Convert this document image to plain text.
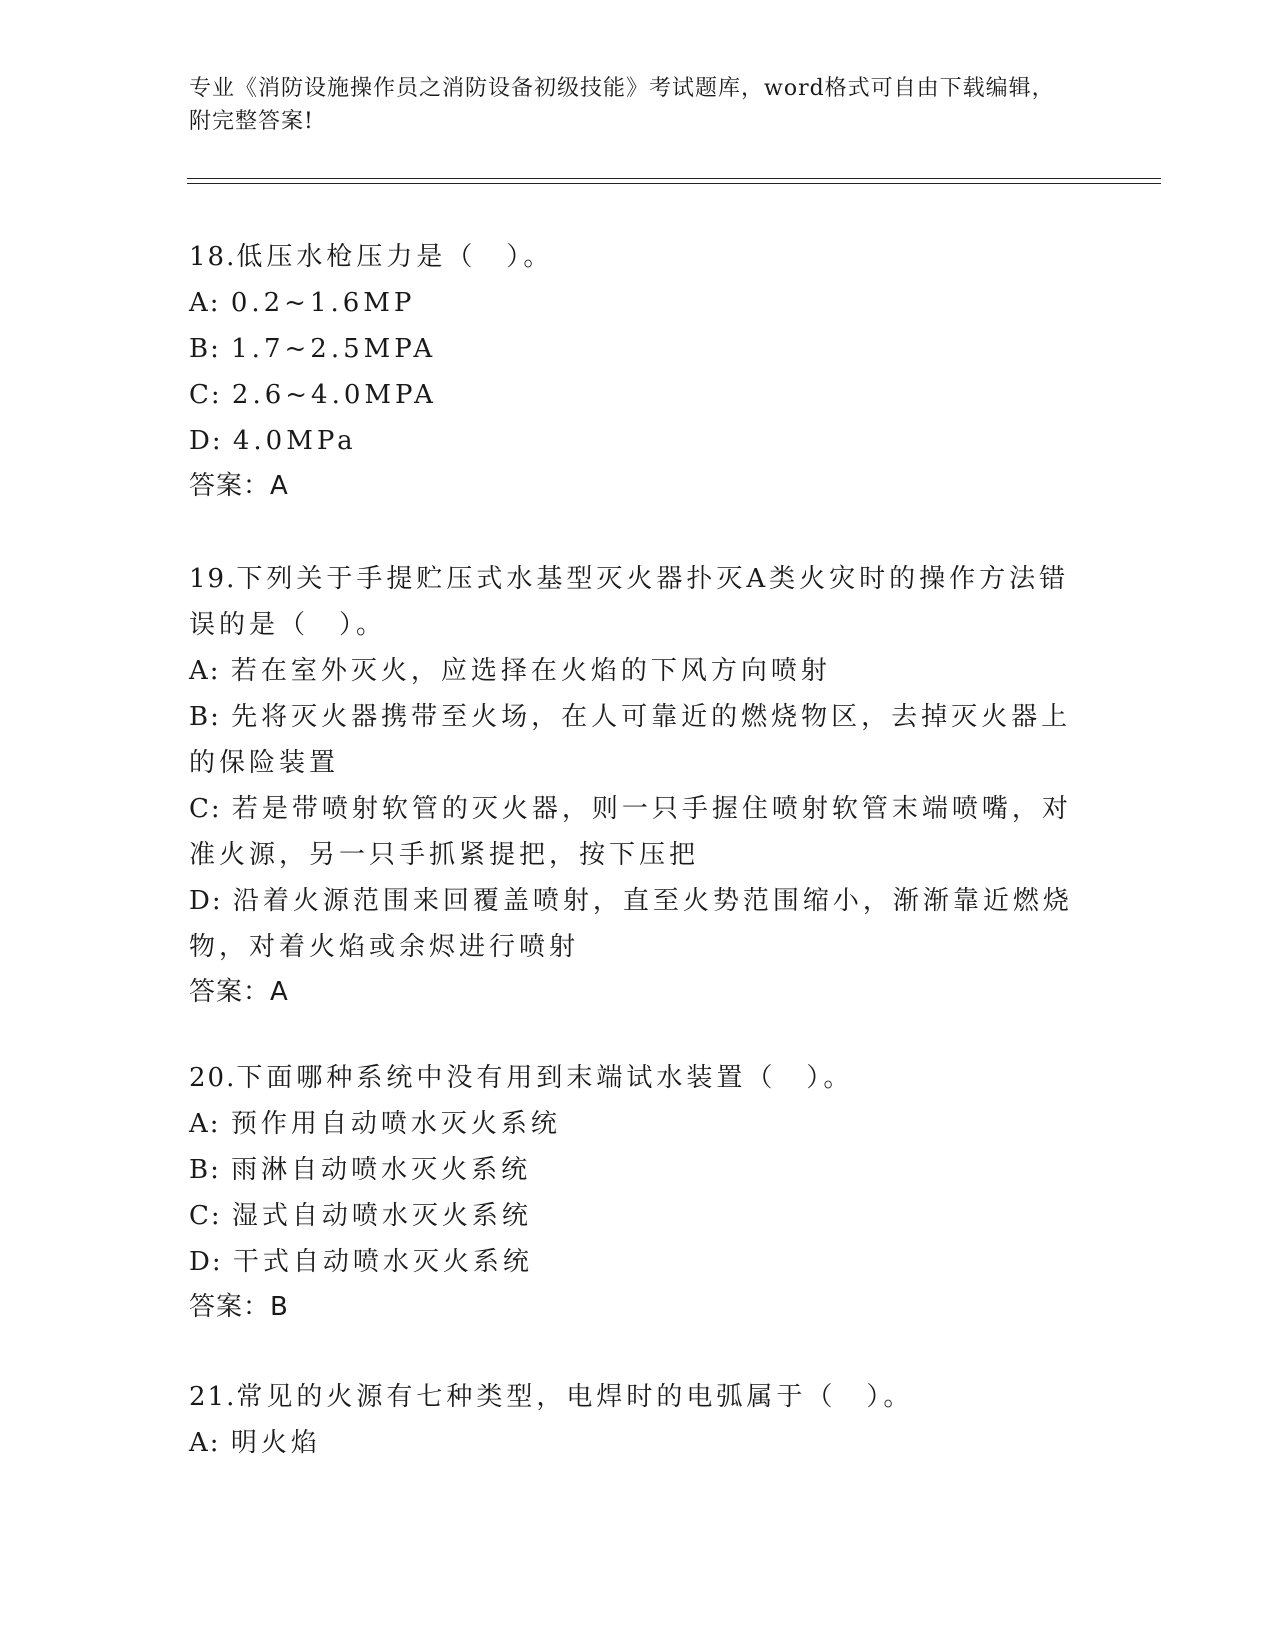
专业《消防设施操作员之消防设备初级技能》考试题库，word格式可自由下载编辑，附完整答案!
18.低压水枪压力是（　）。
A: 0.2~1.6MP
B: 1.7~2.5MPA
C: 2.6~4.0MPA
D: 4.0MPa
答案：A
19.下列关于手提贮压式水基型灭火器扑灭A类火灾时的操作方法错误的是（　）。
A: 若在室外灭火，应选择在火焰的下风方向喷射
B: 先将灭火器携带至火场，在人可靠近的燃烧物区，去掉灭火器上的保险装置
C: 若是带喷射软管的灭火器，则一只手握住喷射软管末端喷嘴，对准火源，另一只手抓紧提把，按下压把
D: 沿着火源范围来回覆盖喷射，直至火势范围缩小，渐渐靠近燃烧物，对着火焰或余烬进行喷射
答案：A
20.下面哪种系统中没有用到末端试水装置（　）。
A: 预作用自动喷水灭火系统
B: 雨淋自动喷水灭火系统
C: 湿式自动喷水灭火系统
D: 干式自动喷水灭火系统
答案：B
21.常见的火源有七种类型，电焊时的电弧属于（　）。
A: 明火焰
